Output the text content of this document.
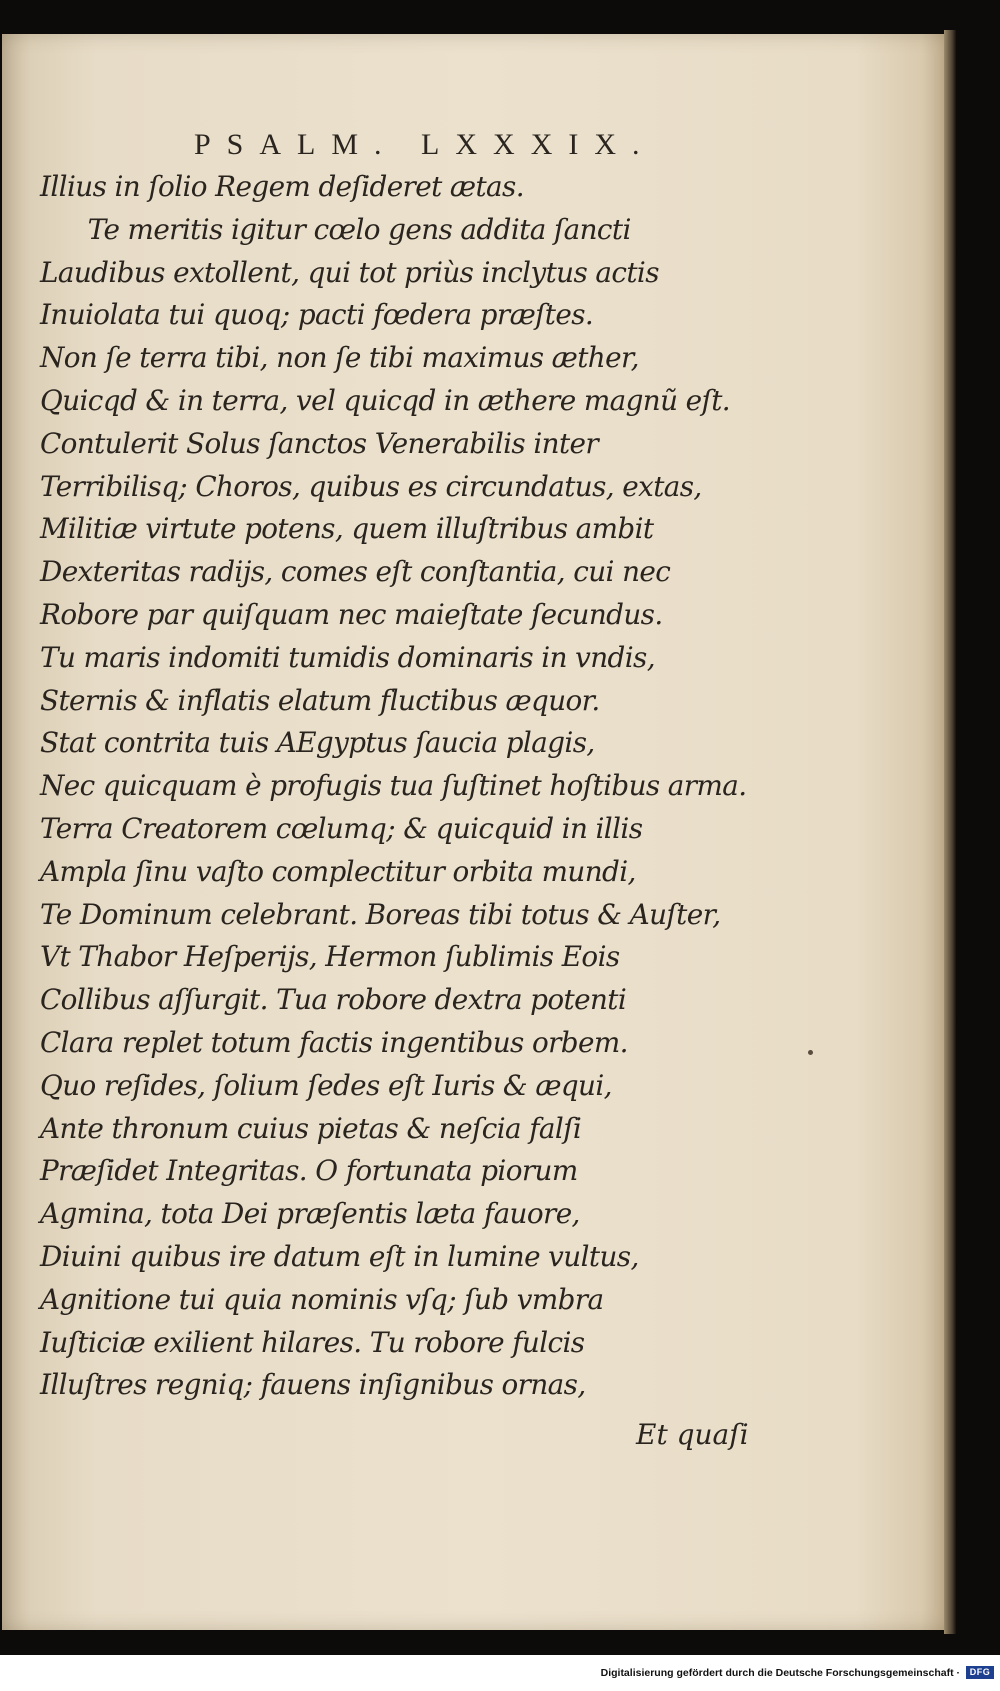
PSALM. LXXXIX.
Illius in ſolio Regem deſideret ætas.
Te meritis igitur cœlo gens addita ſancti
Laudibus extollent, qui tot priùs inclytus actis
Inuiolata tui quoq; pacti fœdera præſtes.
Non ſe terra tibi, non ſe tibi maximus æther,
Quicqd & in terra, vel quicqd in æthere magnũ eſt.
Contulerit Solus ſanctos Venerabilis inter
Terribilisq; Choros, quibus es circundatus, extas,
Militiæ virtute potens, quem illuſtribus ambit
Dexteritas radijs, comes eſt conſtantia, cui nec
Robore par quiſquam nec maieſtate ſecundus.
Tu maris indomiti tumidis dominaris in vndis,
Sternis & inflatis elatum fluctibus æquor.
Stat contrita tuis AEgyptus ſaucia plagis,
Nec quicquam è profugis tua ſuſtinet hoſtibus arma.
Terra Creatorem cœlumq; & quicquid in illis
Ampla ſinu vaſto complectitur orbita mundi,
Te Dominum celebrant. Boreas tibi totus & Auſter,
Vt Thabor Heſperijs, Hermon ſublimis Eois
Collibus aſſurgit. Tua robore dextra potenti
Clara replet totum factis ingentibus orbem.
Quo reſides, ſolium ſedes eſt Iuris & æqui,
Ante thronum cuius pietas & neſcia falſi
Præſidet Integritas. O fortunata piorum
Agmina, tota Dei præſentis læta fauore,
Diuini quibus ire datum eſt in lumine vultus,
Agnitione tui quia nominis vſq; ſub vmbra
Iuſticiæ exilient hilares. Tu robore fulcis
Illuſtres regniq; fauens inſignibus ornas,
Et quaſi
Digitalisierung gefördert durch die Deutsche Forschungsgemeinschaft ·	DFG
